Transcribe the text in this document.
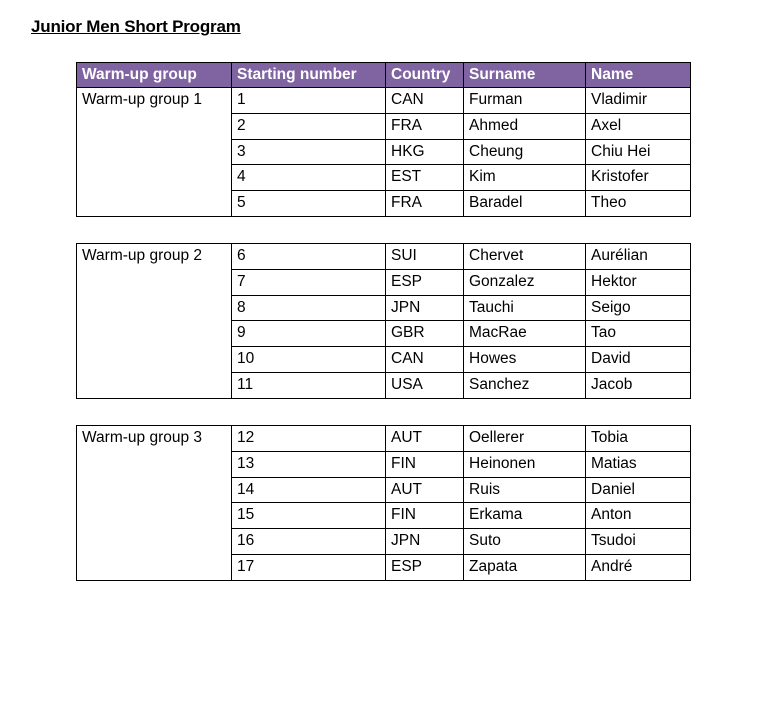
Junior Men Short Program
Warm-up group	Starting number	Country	Surname	Name
Warm-up group 1	1	CAN	Furman	Vladimir
	2	FRA	Ahmed	Axel
	3	HKG	Cheung	Chiu Hei
	4	EST	Kim	Kristofer
	5	FRA	Baradel	Theo
Warm-up group 2	6	SUI	Chervet	Aurélian
	7	ESP	Gonzalez	Hektor
	8	JPN	Tauchi	Seigo
	9	GBR	MacRae	Tao
	10	CAN	Howes	David
	11	USA	Sanchez	Jacob
Warm-up group 3	12	AUT	Oellerer	Tobia
	13	FIN	Heinonen	Matias
	14	AUT	Ruis	Daniel
	15	FIN	Erkama	Anton
	16	JPN	Suto	Tsudoi
	17	ESP	Zapata	André
